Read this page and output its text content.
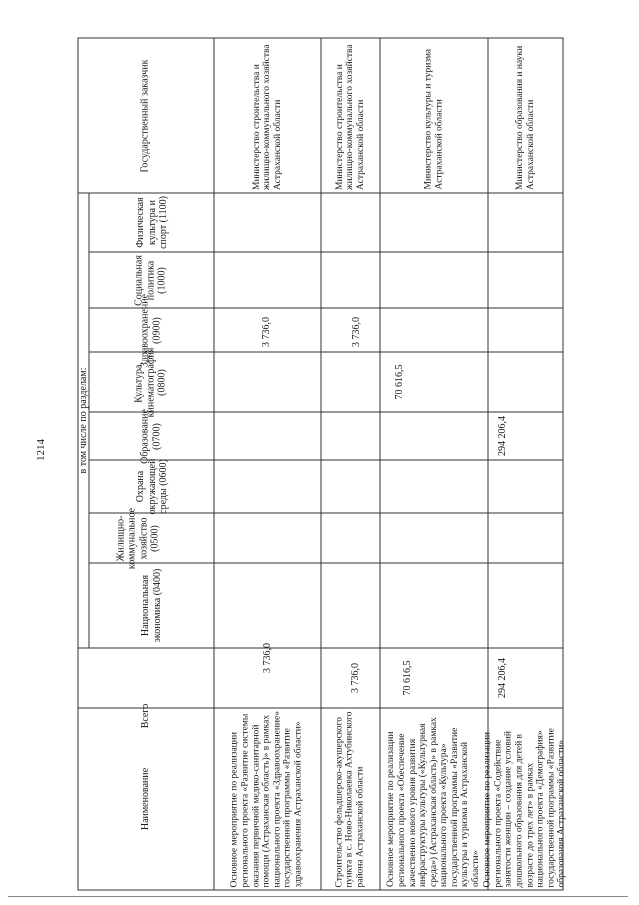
1214
Наименование
Всего
в том числе по разделам:
Национальная экономика (0400)
Жилищно-коммунальное хозяйство (0500)
Охрана окружающей среды (0600)
Образование (0700)
Культура, кинематография (0800)
Здравоохранение (0900)
Социальная политика (1000)
Физическая культура и спорт (1100)
Государственный заказчик
Основное мероприятие по реализации регионального проекта «Развитие системы оказания первичной медико-санитарной помощи (Астраханская область)» в рамках национального проекта «Здравоохранение» государственной программы «Развитие здравоохранения Астраханской области»
3 736,0
3 736,0
Министерство строительства и жилищно-коммунального хозяйства Астраханской области
Строительство фельдшерско-акушерского пункта в с. Ново-Николаевка Ахтубинского района Астраханской области
3 736,0
3 736,0
Министерство строительства и жилищно-коммунального хозяйства Астраханской области
Основное мероприятие по реализации регионального проекта «Обеспечение качественно нового уровня развития инфраструктуры культуры («Культурная среда») (Астраханская область)» в рамках национального проекта «Культура» государственной программы «Развитие культуры и туризма в Астраханской области»
70 616,5
70 616,5
Министерство культуры и туризма Астраханской области
Основное мероприятие по реализации регионального проекта «Содействие занятости женщин – создание условий дошкольного образования для детей в возрасте до трех лет» в рамках национального проекта «Демография» государственной программы «Развитие образования Астраханской области»
294 206,4
294 206,4
Министерство образования и науки Астраханской области
